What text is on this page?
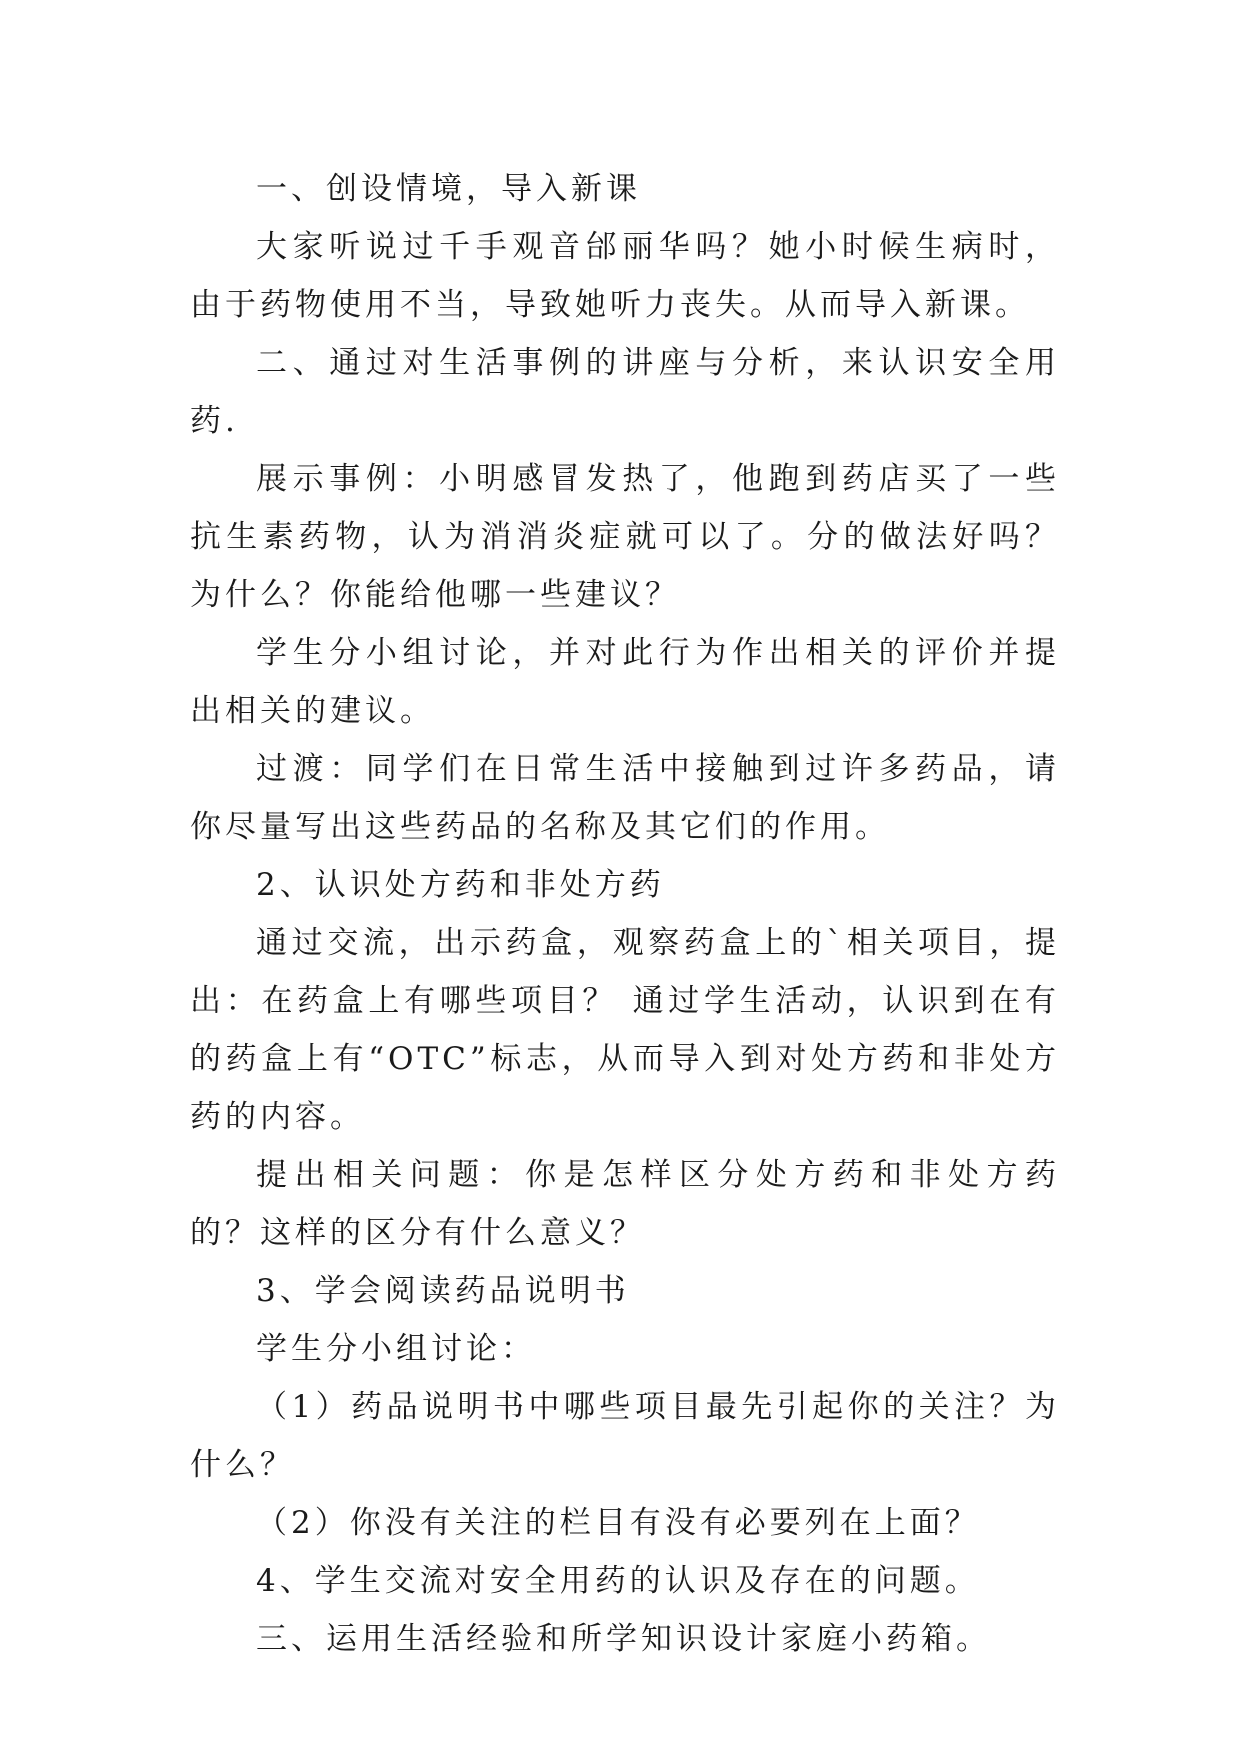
一、创设情境，导入新课

大家听说过千手观音邰丽华吗？她小时候生病时，由于药物使用不当，导致她听力丧失。从而导入新课。

二、通过对生活事例的讲座与分析，来认识安全用药.

展示事例：小明感冒发热了，他跑到药店买了一些抗生素药物，认为消消炎症就可以了。分的做法好吗？为什么？你能给他哪一些建议？

学生分小组讨论，并对此行为作出相关的评价并提出相关的建议。

过渡：同学们在日常生活中接触到过许多药品，请你尽量写出这些药品的名称及其它们的作用。

2、认识处方药和非处方药

通过交流，出示药盒，观察药盒上的`相关项目，提出：在药盒上有哪些项目？ 通过学生活动，认识到在有的药盒上有“OTC”标志，从而导入到对处方药和非处方药的内容。

提出相关问题：你是怎样区分处方药和非处方药的？这样的区分有什么意义？

3、学会阅读药品说明书

学生分小组讨论：

（1）药品说明书中哪些项目最先引起你的关注？为什么？

（2）你没有关注的栏目有没有必要列在上面？

4、学生交流对安全用药的认识及存在的问题。

三、运用生活经验和所学知识设计家庭小药箱。
